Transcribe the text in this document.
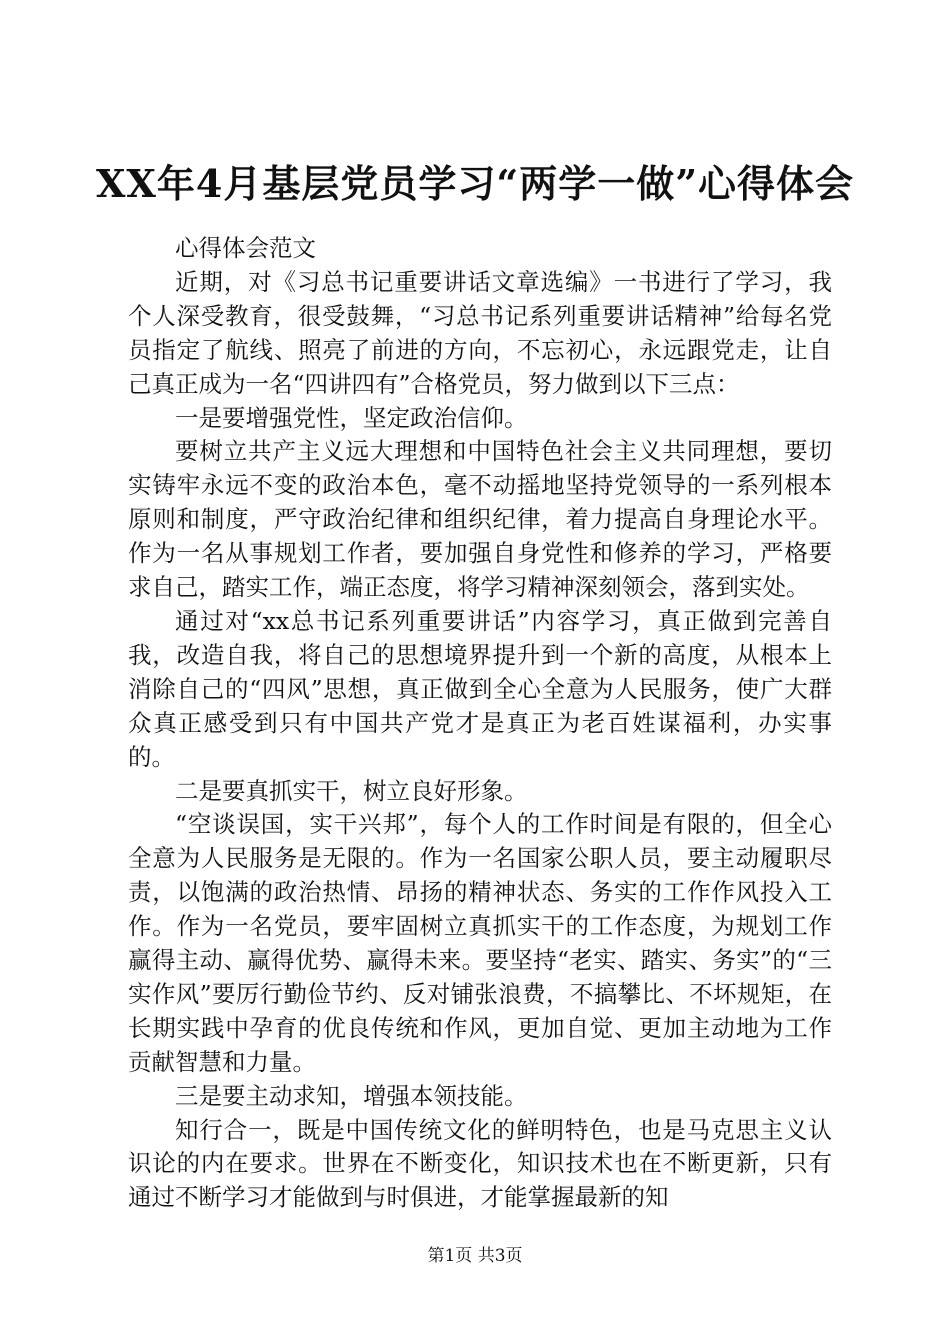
XX年4月基层党员学习“两学一做”心得体会

心得体会范文

近期，对《习总书记重要讲话文章选编》一书进行了学习，我个人深受教育，很受鼓舞，“习总书记系列重要讲话精神”给每名党员指定了航线、照亮了前进的方向，不忘初心，永远跟党走，让自己真正成为一名“四讲四有”合格党员，努力做到以下三点：

一是要增强党性，坚定政治信仰。

要树立共产主义远大理想和中国特色社会主义共同理想，要切实铸牢永远不变的政治本色，毫不动摇地坚持党领导的一系列根本原则和制度，严守政治纪律和组织纪律，着力提高自身理论水平。作为一名从事规划工作者，要加强自身党性和修养的学习，严格要求自己，踏实工作，端正态度，将学习精神深刻领会，落到实处。

通过对“xx总书记系列重要讲话”内容学习，真正做到完善自我，改造自我，将自己的思想境界提升到一个新的高度，从根本上消除自己的“四风”思想，真正做到全心全意为人民服务，使广大群众真正感受到只有中国共产党才是真正为老百姓谋福利，办实事的。

二是要真抓实干，树立良好形象。

“空谈误国，实干兴邦”，每个人的工作时间是有限的，但全心全意为人民服务是无限的。作为一名国家公职人员，要主动履职尽责，以饱满的政治热情、昂扬的精神状态、务实的工作作风投入工作。作为一名党员，要牢固树立真抓实干的工作态度，为规划工作赢得主动、赢得优势、赢得未来。要坚持“老实、踏实、务实”的“三实作风”要厉行勤俭节约、反对铺张浪费，不搞攀比、不坏规矩，在长期实践中孕育的优良传统和作风，更加自觉、更加主动地为工作贡献智慧和力量。

三是要主动求知，增强本领技能。

知行合一，既是中国传统文化的鲜明特色，也是马克思主义认识论的内在要求。世界在不断变化，知识技术也在不断更新，只有通过不断学习才能做到与时俱进，才能掌握最新的知

第1页 共3页
